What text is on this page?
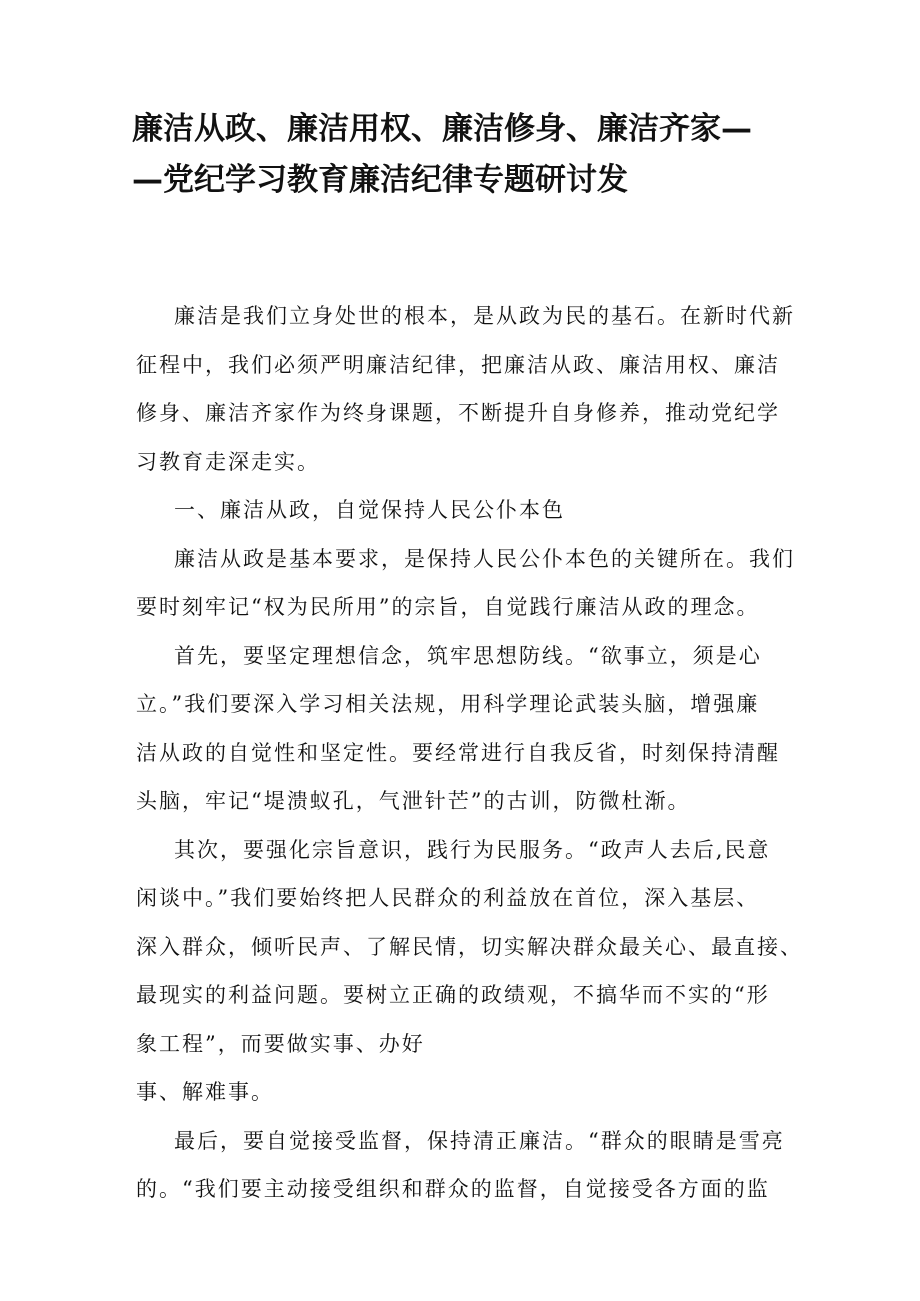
廉洁从政、廉洁用权、廉洁修身、廉洁齐家—
—党纪学习教育廉洁纪律专题研讨发

廉洁是我们立身处世的根本，是从政为民的基石。在新时代新
征程中，我们必须严明廉洁纪律，把廉洁从政、廉洁用权、廉洁
修身、廉洁齐家作为终身课题，不断提升自身修养，推动党纪学
习教育走深走实。

一、廉洁从政，自觉保持人民公仆本色

廉洁从政是基本要求，是保持人民公仆本色的关键所在。我们
要时刻牢记“权为民所用”的宗旨，自觉践行廉洁从政的理念。

首先，要坚定理想信念，筑牢思想防线。“欲事立，须是心
立。”我们要深入学习相关法规，用科学理论武装头脑，增强廉
洁从政的自觉性和坚定性。要经常进行自我反省，时刻保持清醒
头脑，牢记“堤溃蚁孔，气泄针芒”的古训，防微杜渐。

其次，要强化宗旨意识，践行为民服务。“政声人去后,民意
闲谈中。”我们要始终把人民群众的利益放在首位，深入基层、
深入群众，倾听民声、了解民情，切实解决群众最关心、最直接、
最现实的利益问题。要树立正确的政绩观，不搞华而不实的“形
象工程”，而要做实事、办好
事、解难事。

最后，要自觉接受监督，保持清正廉洁。“群众的眼睛是雪亮
的。“我们要主动接受组织和群众的监督，自觉接受各方面的监
